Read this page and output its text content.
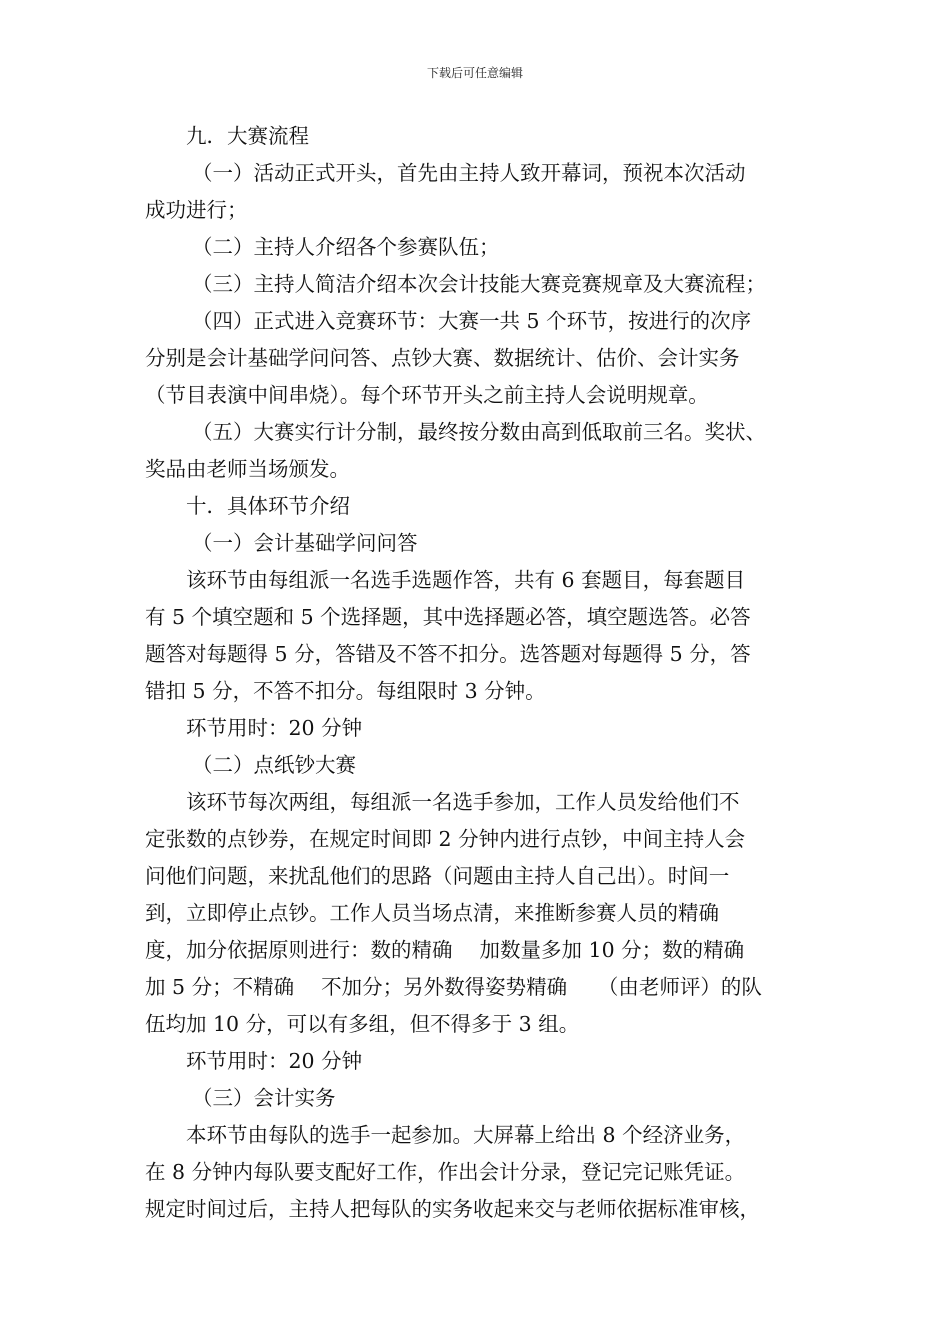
下载后可任意编辑
九．大赛流程
（一）活动正式开头，首先由主持人致开幕词，预祝本次活动
成功进行；
（二）主持人介绍各个参赛队伍；
（三）主持人简洁介绍本次会计技能大赛竞赛规章及大赛流程；
（四）正式进入竞赛环节：大赛一共 5 个环节，按进行的次序
分别是会计基础学问问答、点钞大赛、数据统计、估价、会计实务
（节目表演中间串烧）。每个环节开头之前主持人会说明规章。
（五）大赛实行计分制，最终按分数由高到低取前三名。奖状、
奖品由老师当场颁发。
十．具体环节介绍
（一）会计基础学问问答
该环节由每组派一名选手选题作答，共有 6 套题目，每套题目
有 5 个填空题和 5 个选择题，其中选择题必答，填空题选答。必答
题答对每题得 5 分，答错及不答不扣分。选答题对每题得 5 分，答
错扣 5 分，不答不扣分。每组限时 3 分钟。
环节用时：20 分钟
（二）点纸钞大赛
该环节每次两组，每组派一名选手参加，工作人员发给他们不
定张数的点钞券，在规定时间即 2 分钟内进行点钞，中间主持人会
问他们问题，来扰乱他们的思路（问题由主持人自己出）。时间一
到，立即停止点钞。工作人员当场点清，来推断参赛人员的精确
度，加分依据原则进行：数的精确　 加数量多加 10 分；数的精确
加 5 分；不精确　 不加分；另外数得姿势精确　　（由老师评）的队
伍均加 10 分，可以有多组，但不得多于 3 组。
环节用时：20 分钟
（三）会计实务
本环节由每队的选手一起参加。大屏幕上给出 8 个经济业务，
在 8 分钟内每队要支配好工作，作出会计分录，登记完记账凭证。
规定时间过后，主持人把每队的实务收起来交与老师依据标准审核，
